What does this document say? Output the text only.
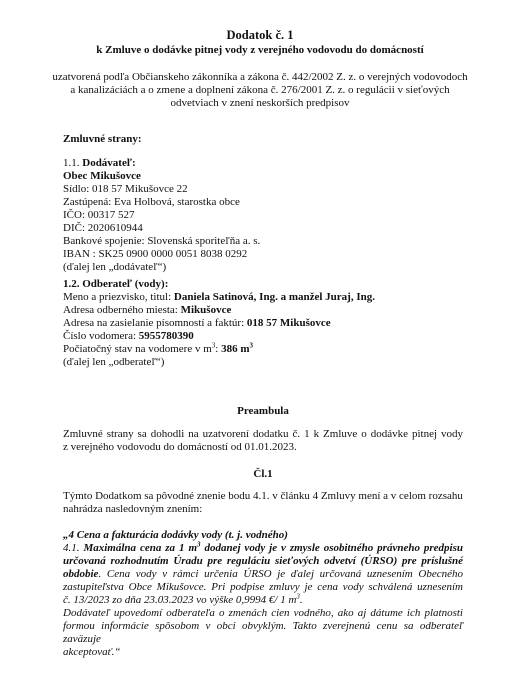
Dodatok č. 1
k Zmluve o dodávke pitnej vody z verejného vodovodu do domácností
uzatvorená podľa Občianskeho zákonníka a zákona č. 442/2002 Z. z. o verejných vodovodoch
a kanalizáciách a o zmene a doplnení zákona č. 276/2001 Z. z. o regulácii v sieťových
odvetviach v znení neskorších predpisov
Zmluvné strany:
1.1. Dodávateľ:
Obec Mikušovce
Sídlo: 018 57 Mikušovce 22
Zastúpená: Eva Holbová, starostka obce
IČO: 00317 527
DIČ: 2020610944
Bankové spojenie: Slovenská sporiteľňa a. s.
IBAN : SK25 0900 0000 0051 8038 0292
(ďalej len „dodávateľ“)
1.2. Odberateľ (vody):
Meno a priezvisko, titul: Daniela Satinová, Ing. a manžel Juraj, Ing.
Adresa odberného miesta: Mikušovce
Adresa na zasielanie písomností a faktúr: 018 57 Mikušovce
Číslo vodomera: 5955780390
Počiatočný stav na vodomere v $m^3$: 386 $m^3$
(ďalej len „odberateľ“)
Preambula
Zmluvné strany sa dohodli na uzatvorení dodatku č. 1 k Zmluve o dodávke pitnej vody
z verejného vodovodu do domácností od 01.01.2023.
Čl.1
Týmto Dodatkom sa pôvodné znenie bodu 4.1. v článku 4 Zmluvy mení a v celom rozsahu
nahrádza nasledovným znením:
„4 Cena a fakturácia dodávky vody (t. j. vodného)
4.1. Maximálna cena za 1 $m^3$ dodanej vody je v zmysle osobitného právneho predpisu
určovaná rozhodnutím Úradu pre reguláciu sieťových odvetví (ÚRSO) pre príslušné
obdobie. Cena vody v rámci určenia ÚRSO je ďalej určovaná uznesením Obecného
zastupiteľstva Obce Mikušovce. Pri podpise zmluvy je cena vody schválená uznesením
č. 13/2023 zo dňa 23.03.2023 vo výške 0,9994 €/ 1 $m^3$.
Dodávateľ upovedomí odberateľa o zmenách cien vodného, ako aj dátume ich platnosti
formou informácie spôsobom v obci obvyklým. Takto zverejnenú cenu sa odberateľ zaväzuje
akceptovať.“
